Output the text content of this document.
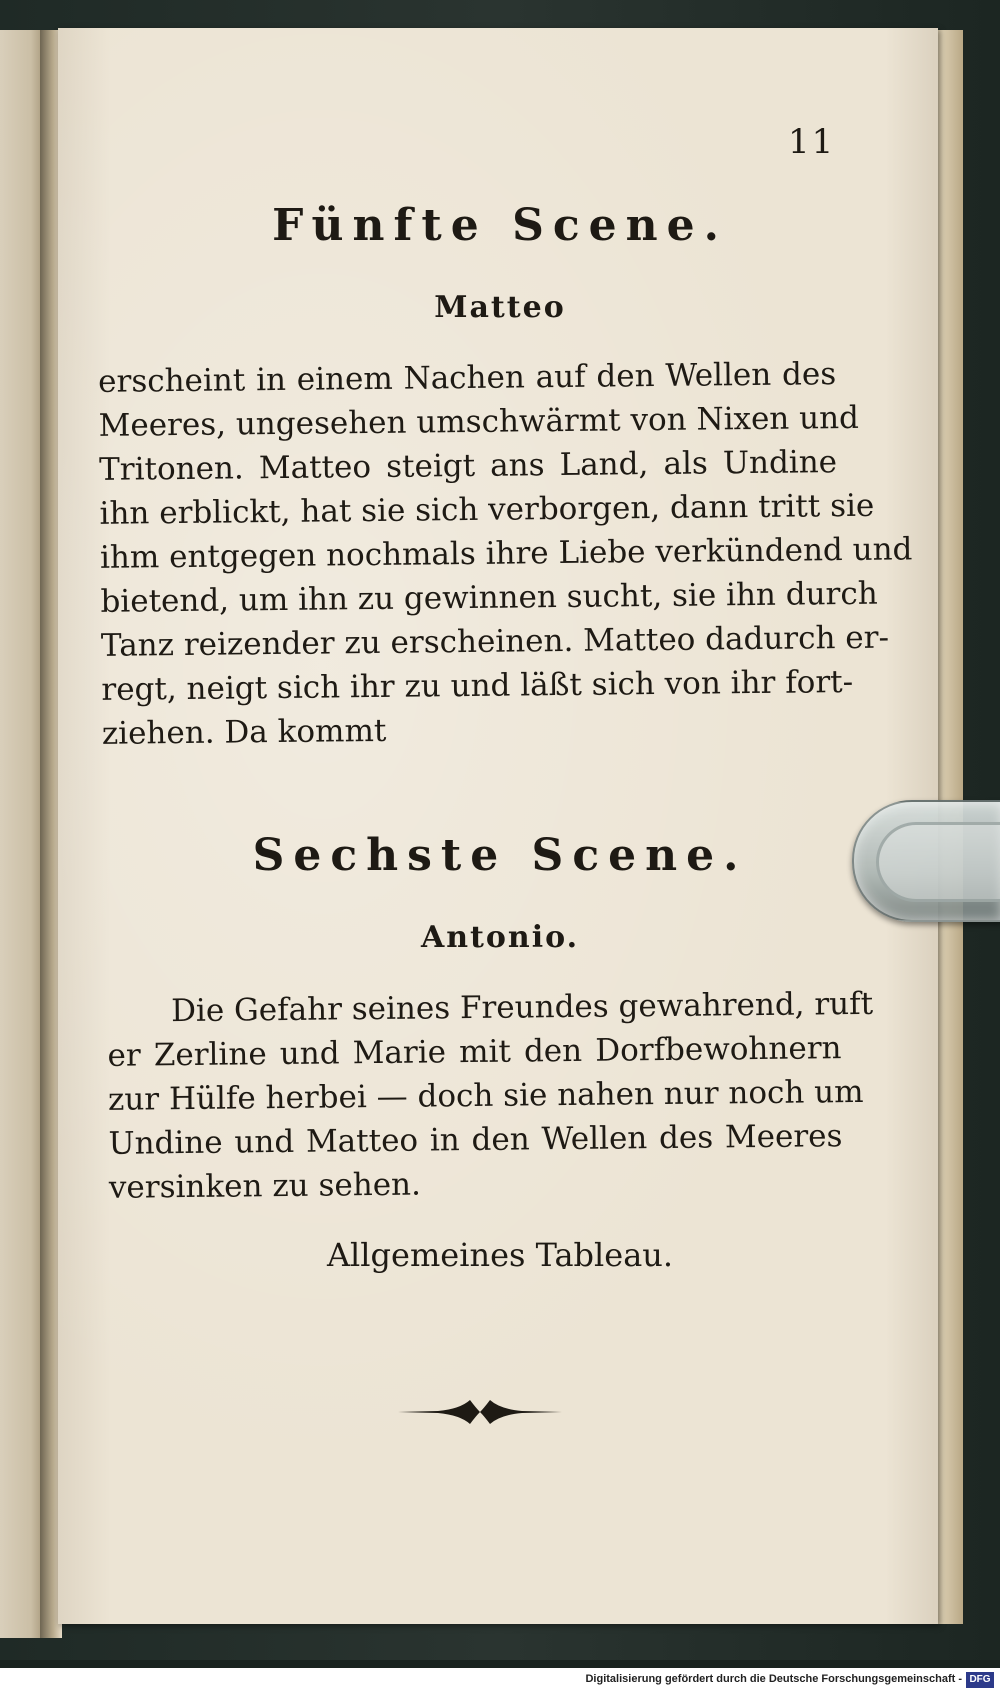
11
Fünfte Scene.
Matteo
erscheint in einem Nachen auf den Wellen des
Meeres, ungesehen umschwärmt von Nixen und
Tritonen. Matteo steigt ans Land, als Undine
ihn erblickt, hat sie sich verborgen, dann tritt sie
ihm entgegen nochmals ihre Liebe verkündend und
bietend, um ihn zu gewinnen sucht, sie ihn durch
Tanz reizender zu erscheinen. Matteo dadurch er-
regt, neigt sich ihr zu und läßt sich von ihr fort-
ziehen. Da kommt
Sechste Scene.
Antonio.
Die Gefahr seines Freundes gewahrend, ruft
er Zerline und Marie mit den Dorfbewohnern
zur Hülfe herbei — doch sie nahen nur noch um
Undine und Matteo in den Wellen des Meeres
versinken zu sehen.
Allgemeines Tableau.
Digitalisierung gefördert durch die Deutsche Forschungsgemeinschaft - DFG
